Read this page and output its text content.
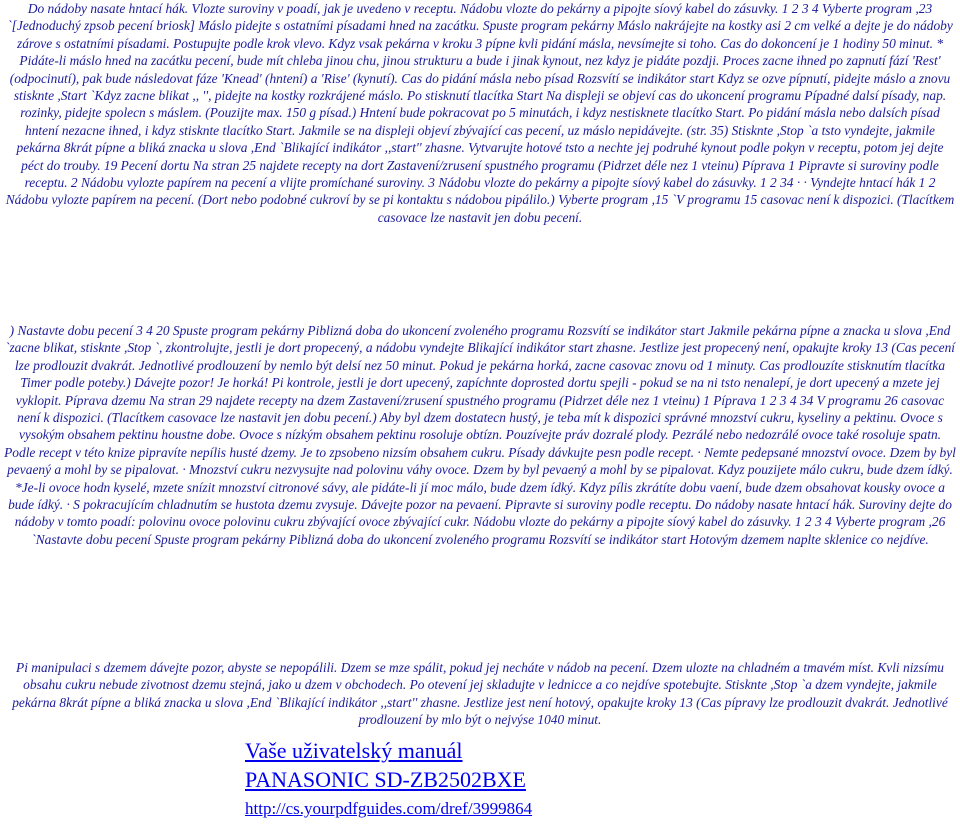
Do nádoby nasate hntací hák. Vlozte suroviny v poadí, jak je uvedeno v receptu. Nádobu vlozte do pekárny a pipojte síový kabel do zásuvky. 1 2 3 4 Vyberte program ,23 `[Jednoduchý zpsob pecení briosk] Máslo pidejte s ostatními písadami hned na zacátku. Spuste program pekárny Máslo nakrájejte na kostky asi 2 cm velké a dejte je do nádoby zárove s ostatními písadami. Postupujte podle krok vlevo. Kdyz vsak pekárna v kroku 3 pípne kvli pidání másla, nevsímejte si toho. Cas do dokoncení je 1 hodiny 50 minut. * Pidáte-li máslo hned na zacátku pecení, bude mít chleba jinou chu, jinou strukturu a bude i jinak kynout, nez kdyz je pidáte pozdji. Proces zacne ihned po zapnutí fází 'Rest' (odpocinutí), pak bude následovat fáze 'Knead' (hntení) a 'Rise' (kynutí). Cas do pidání másla nebo písad Rozsvítí se indikátor start Kdyz se ozve pípnutí, pidejte máslo a znovu stisknte ,Start `Kdyz zacne blikat ,, '', pidejte na kostky rozkrájené máslo. Po stisknutí tlacítka Start Na displeji se objeví cas do ukoncení programu Pípadné dalsí písady, nap. rozinky, pidejte spolecn s máslem. (Pouzijte max. 150 g písad.) Hntení bude pokracovat po 5 minutách, i kdyz nestisknete tlacítko Start. Po pidání másla nebo dalsích písad hntení nezacne ihned, i kdyz stisknte tlacítko Start. Jakmile se na displeji objeví zbývající cas pecení, uz máslo nepidávejte. (str. 35) Stisknte ,Stop `a tsto vyndejte, jakmile pekárna 8krát pípne a bliká znacka u slova ,End `Blikající indikátor ,,start'' zhasne. Vytvarujte hotové tsto a nechte jej podruhé kynout podle pokyn v receptu, potom jej dejte péct do trouby. 19 Pecení dortu Na stran 25 najdete recepty na dort Zastavení/zrusení spustného programu (Pidrzet déle nez 1 vteinu) Píprava 1 Pipravte si suroviny podle receptu. 2 Nádobu vylozte papírem na pecení a vlijte promíchané suroviny. 3 Nádobu vlozte do pekárny a pipojte síový kabel do zásuvky. 1 2 34 · · Vyndejte hntací hák 1 2 Nádobu vylozte papírem na pecení. (Dort nebo podobné cukroví by se pi kontaktu s nádobou pipálilo.) Vyberte program ,15 `V programu 15 casovac není k dispozici. (Tlacítkem casovace lze nastavit jen dobu pecení.

) Nastavte dobu pecení 3 4 20 Spuste program pekárny Piblizná doba do ukoncení zvoleného programu Rozsvítí se indikátor start Jakmile pekárna pípne a znacka u slova ,End `zacne blikat, stisknte ,Stop `, zkontrolujte, jestli je dort propecený, a nádobu vyndejte Blikající indikátor start zhasne. Jestlize jest propecený není, opakujte kroky 13 (Cas pecení lze prodlouzit dvakrát. Jednotlivé prodlouzení by nemlo být delsí nez 50 minut. Pokud je pekárna horká, zacne casovac znovu od 1 minuty. Cas prodlouzíte stisknutím tlacítka Timer podle poteby.) Dávejte pozor! Je horká! Pi kontrole, jestli je dort upecený, zapíchnte doprosted dortu spejli - pokud se na ni tsto nenalepí, je dort upecený a mzete jej vyklopit. Píprava dzemu Na stran 29 najdete recepty na dzem Zastavení/zrusení spustného programu (Pidrzet déle nez 1 vteinu) 1 Píprava 1 2 3 4 34 V programu 26 casovac není k dispozici. (Tlacítkem casovace lze nastavit jen dobu pecení.) Aby byl dzem dostatecn hustý, je teba mít k dispozici správné mnozství cukru, kyseliny a pektinu. Ovoce s vysokým obsahem pektinu houstne dobe. Ovoce s nízkým obsahem pektinu rosoluje obtízn. Pouzívejte práv dozralé plody. Pezrálé nebo nedozrálé ovoce také rosoluje spatn. Podle recept v této knize pipravíte nepílis husté dzemy. Je to zpsobeno nizsím obsahem cukru. Písady dávkujte pesn podle recept. · Nemte pedepsané mnozství ovoce. Dzem by byl pevaený a mohl by se pipalovat. · Mnozství cukru nezvysujte nad polovinu váhy ovoce. Dzem by byl pevaený a mohl by se pipalovat. Kdyz pouzijete málo cukru, bude dzem ídký. *Je-li ovoce hodn kyselé, mzete snízit mnozství citronové sávy, ale pidáte-li jí moc málo, bude dzem ídký. Kdyz pílis zkrátíte dobu vaení, bude dzem obsahovat kousky ovoce a bude ídký. · S pokracujícím chladnutím se hustota dzemu zvysuje. Dávejte pozor na pevaení. Pipravte si suroviny podle receptu. Do nádoby nasate hntací hák. Suroviny dejte do nádoby v tomto poadí: polovinu ovoce polovinu cukru zbývající ovoce zbývající cukr. Nádobu vlozte do pekárny a pipojte síový kabel do zásuvky. 1 2 3 4 Vyberte program ,26 `Nastavte dobu pecení Spuste program pekárny Piblizná doba do ukoncení zvoleného programu Rozsvítí se indikátor start Hotovým dzemem naplte sklenice co nejdíve.

Pi manipulaci s dzemem dávejte pozor, abyste se nepopálili. Dzem se mze spálit, pokud jej necháte v nádob na pecení. Dzem ulozte na chladném a tmavém míst. Kvli nizsímu obsahu cukru nebude zivotnost dzemu stejná, jako u dzem v obchodech. Po otevení jej skladujte v lednicce a co nejdíve spotebujte. Stisknte ,Stop `a dzem vyndejte, jakmile pekárna 8krát pípne a bliká znacka u slova ,End `Blikající indikátor ,,start'' zhasne. Jestlize jest není hotový, opakujte kroky 13 (Cas pípravy lze prodlouzit dvakrát. Jednotlivé prodlouzení by mlo být o nejvýse 1040 minut.

Vaše uživatelský manuál
PANASONIC SD-ZB2502BXE
http://cs.yourpdfguides.com/dref/3999864
